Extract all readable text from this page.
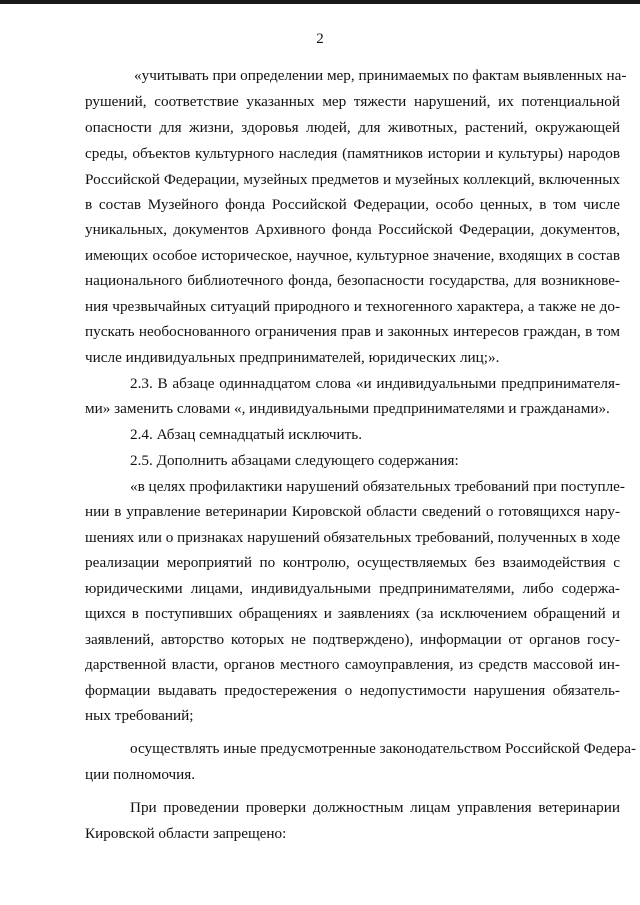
2
«учитывать при определении мер, принимаемых по фактам выявленных на-
рушений, соответствие указанных мер тяжести нарушений, их потенциальной
опасности для жизни, здоровья людей, для животных, растений, окружающей
среды, объектов культурного наследия (памятников истории и культуры) народов
Российской Федерации, музейных предметов и музейных коллекций, включенных
в состав Музейного фонда Российской Федерации, особо ценных, в том числе
уникальных, документов Архивного фонда Российской Федерации, документов,
имеющих особое историческое, научное, культурное значение, входящих в состав
национального библиотечного фонда, безопасности государства, для возникнове-
ния чрезвычайных ситуаций природного и техногенного характера, а также не до-
пускать необоснованного ограничения прав и законных интересов граждан, в том
числе индивидуальных предпринимателей, юридических лиц;».
2.3. В абзаце одиннадцатом слова «и индивидуальными предпринимателя-
ми» заменить словами «, индивидуальными предпринимателями и гражданами».
2.4. Абзац семнадцатый исключить.
2.5. Дополнить абзацами следующего содержания:
«в целях профилактики нарушений обязательных требований при поступле-
нии в управление ветеринарии Кировской области сведений о готовящихся нару-
шениях или о признаках нарушений обязательных требований, полученных в ходе
реализации мероприятий по контролю, осуществляемых без взаимодействия с
юридическими лицами, индивидуальными предпринимателями, либо содержа-
щихся в поступивших обращениях и заявлениях (за исключением обращений и
заявлений, авторство которых не подтверждено), информации от органов госу-
дарственной власти, органов местного самоуправления, из средств массовой ин-
формации выдавать предостережения о недопустимости нарушения обязатель-
ных требований;
осуществлять иные предусмотренные законодательством Российской Федера-
ции полномочия.
При проведении проверки должностным лицам управления ветеринарии
Кировской области запрещено:
